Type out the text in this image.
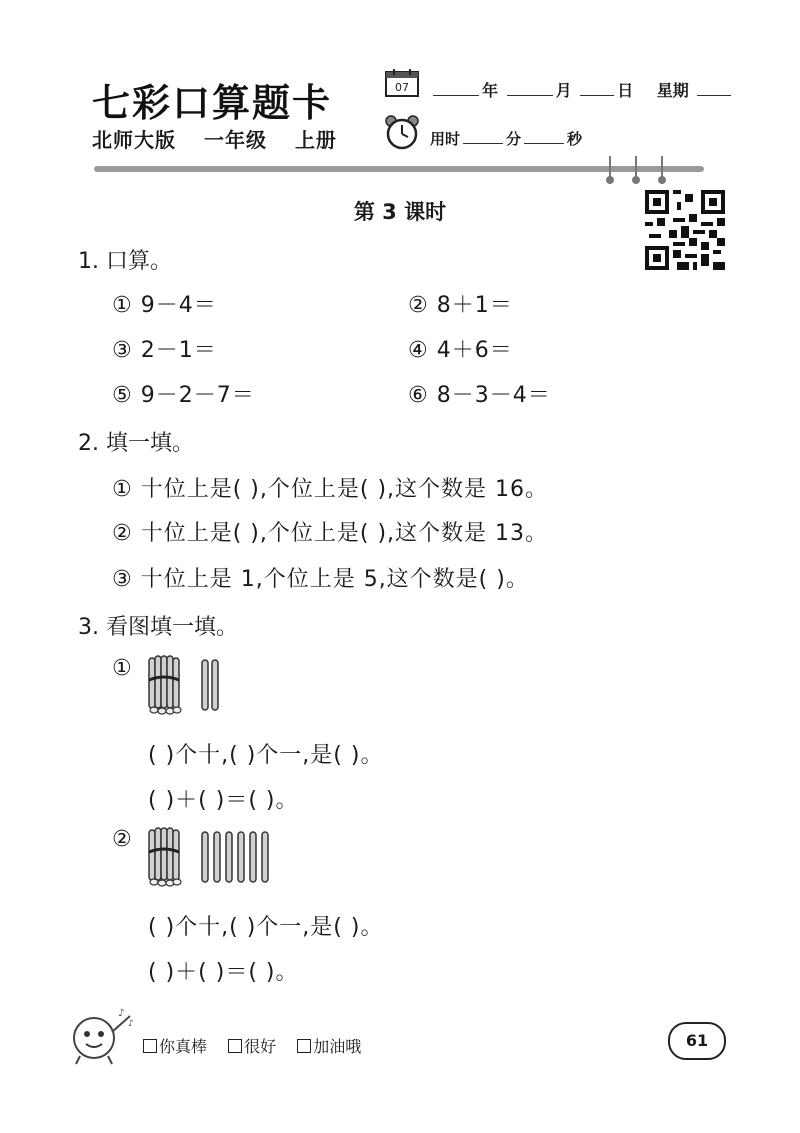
七彩口算题卡	07	年	月	日 星期
北师大版 一年级 上册	用时	分	秒
第 3 课时
1. 口算。
① 9－4＝	② 8＋1＝
③ 2－1＝	④ 4＋6＝
⑤ 9－2－7＝	⑥ 8－3－4＝
2. 填一填。
① 十位上是( ),个位上是( ),这个数是 16。
② 十位上是( ),个位上是( ),这个数是 13。
③ 十位上是 1,个位上是 5,这个数是( )。
3. 看图填一填。
①
( )个十,( )个一,是( )。
( )＋( )＝( )。
②
( )个十,( )个一,是( )。
( )＋( )＝( )。
♪
♪
你真棒 很好 加油哦	61
